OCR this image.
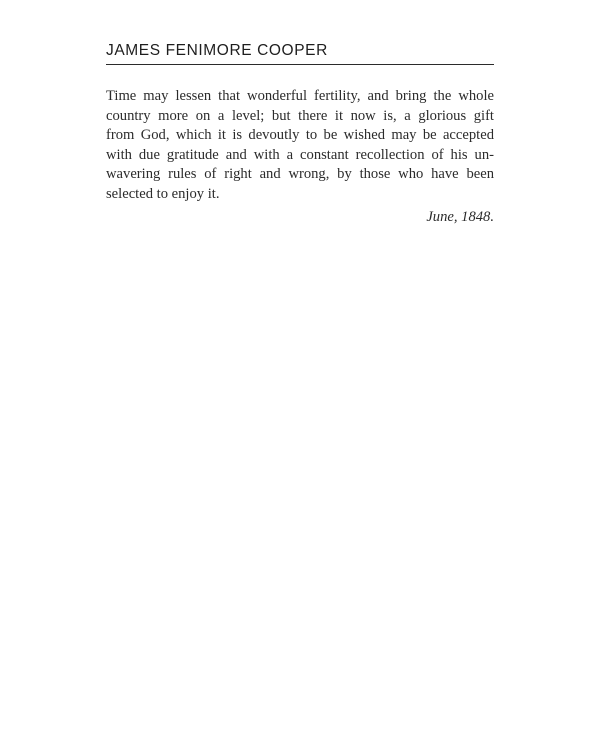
JAMES FENIMORE COOPER
Time may lessen that wonderful fertility, and bring the whole
country more on a level; but there it now is, a glorious gift
from God, which it is devoutly to be wished may be accepted
with due gratitude and with a constant recollection of his un-
wavering rules of right and wrong, by those who have been
selected to enjoy it.
June, 1848.
